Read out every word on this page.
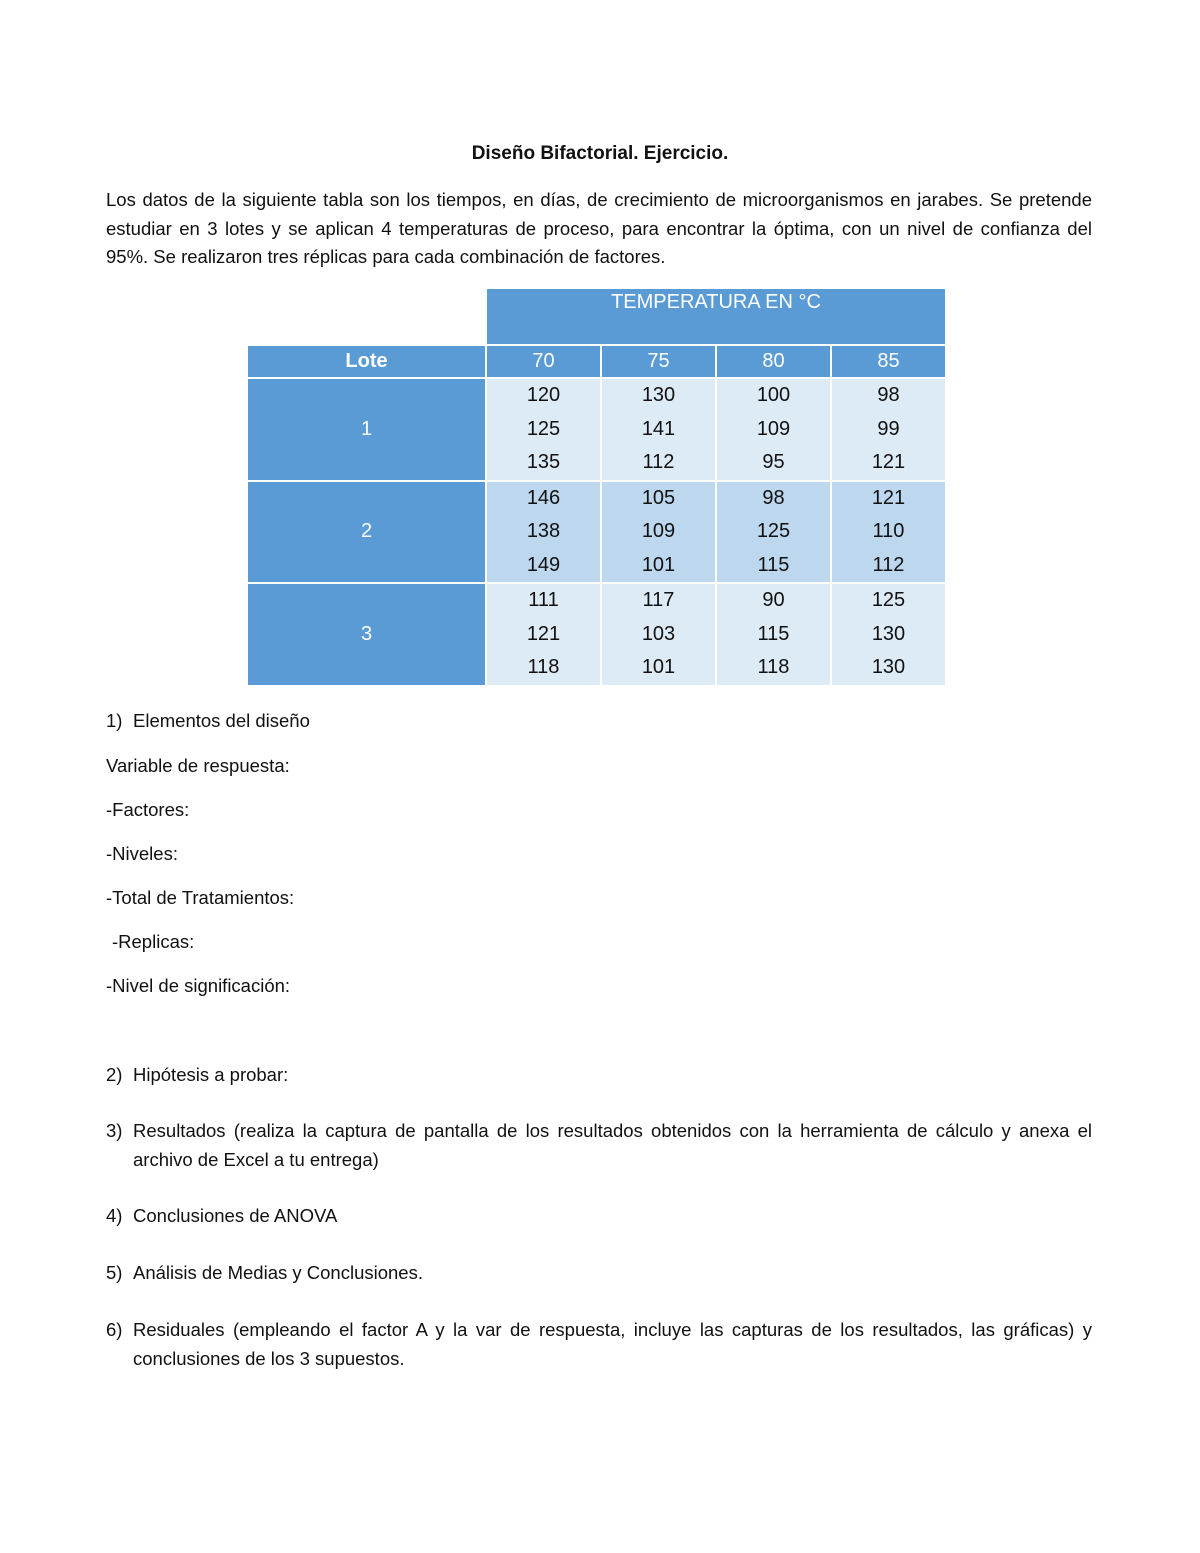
Diseño Bifactorial. Ejercicio.

Los datos de la siguiente tabla son los tiempos, en días, de crecimiento de microorganismos en jarabes. Se pretende estudiar en 3 lotes y se aplican 4 temperaturas de proceso, para encontrar la óptima, con un nivel de confianza del 95%. Se realizaron tres réplicas para cada combinación de factores.

	TEMPERATURA EN °C			
Lote	70	75	80	85
1	120
125
135	130
141
112	100
109
95	98
99
121

2	146
138
149	105
109
101	98
125
115	121
110
112

3	111
121
118	117
103
101	90
115
118	125
130
130

1) Elementos del diseño

Variable de respuesta:

-Factores:

-Niveles:

-Total de Tratamientos:

-Replicas:

-Nivel de significación:

2) Hipótesis a probar:

3) Resultados (realiza la captura de pantalla de los resultados obtenidos con la herramienta de cálculo y anexa el archivo de Excel a tu entrega)

4) Conclusiones de ANOVA

5) Análisis de Medias y Conclusiones.

6) Residuales (empleando el factor A y la var de respuesta, incluye las capturas de los resultados, las gráficas) y conclusiones de los 3 supuestos.
